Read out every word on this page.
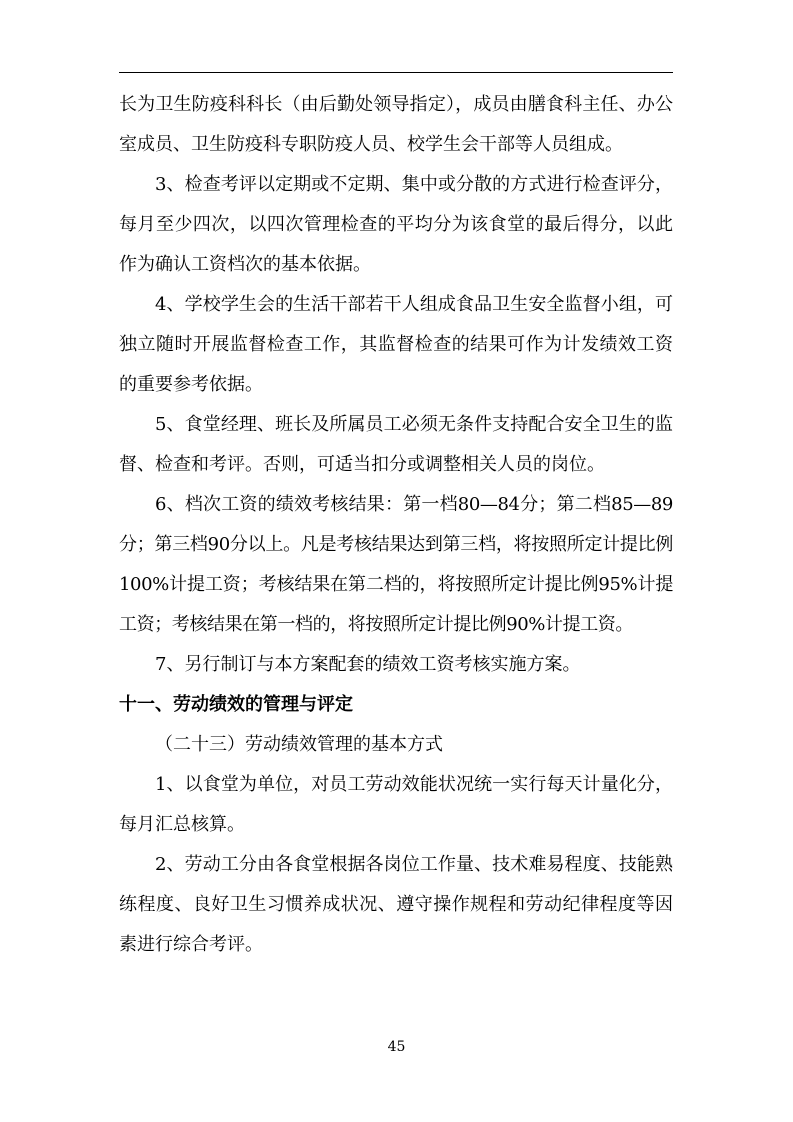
长为卫生防疫科科长（由后勤处领导指定），成员由膳食科主任、办公室成员、卫生防疫科专职防疫人员、校学生会干部等人员组成。

3、检查考评以定期或不定期、集中或分散的方式进行检查评分，每月至少四次，以四次管理检查的平均分为该食堂的最后得分，以此作为确认工资档次的基本依据。

4、学校学生会的生活干部若干人组成食品卫生安全监督小组，可独立随时开展监督检查工作，其监督检查的结果可作为计发绩效工资的重要参考依据。

5、食堂经理、班长及所属员工必须无条件支持配合安全卫生的监督、检查和考评。否则，可适当扣分或调整相关人员的岗位。

6、档次工资的绩效考核结果：第一档80—84分；第二档85—89分；第三档90分以上。凡是考核结果达到第三档，将按照所定计提比例100%计提工资；考核结果在第二档的，将按照所定计提比例95%计提工资；考核结果在第一档的，将按照所定计提比例90%计提工资。

7、另行制订与本方案配套的绩效工资考核实施方案。

十一、劳动绩效的管理与评定

（二十三）劳动绩效管理的基本方式

1、以食堂为单位，对员工劳动效能状况统一实行每天计量化分，每月汇总核算。

2、劳动工分由各食堂根据各岗位工作量、技术难易程度、技能熟练程度、良好卫生习惯养成状况、遵守操作规程和劳动纪律程度等因素进行综合考评。

45
